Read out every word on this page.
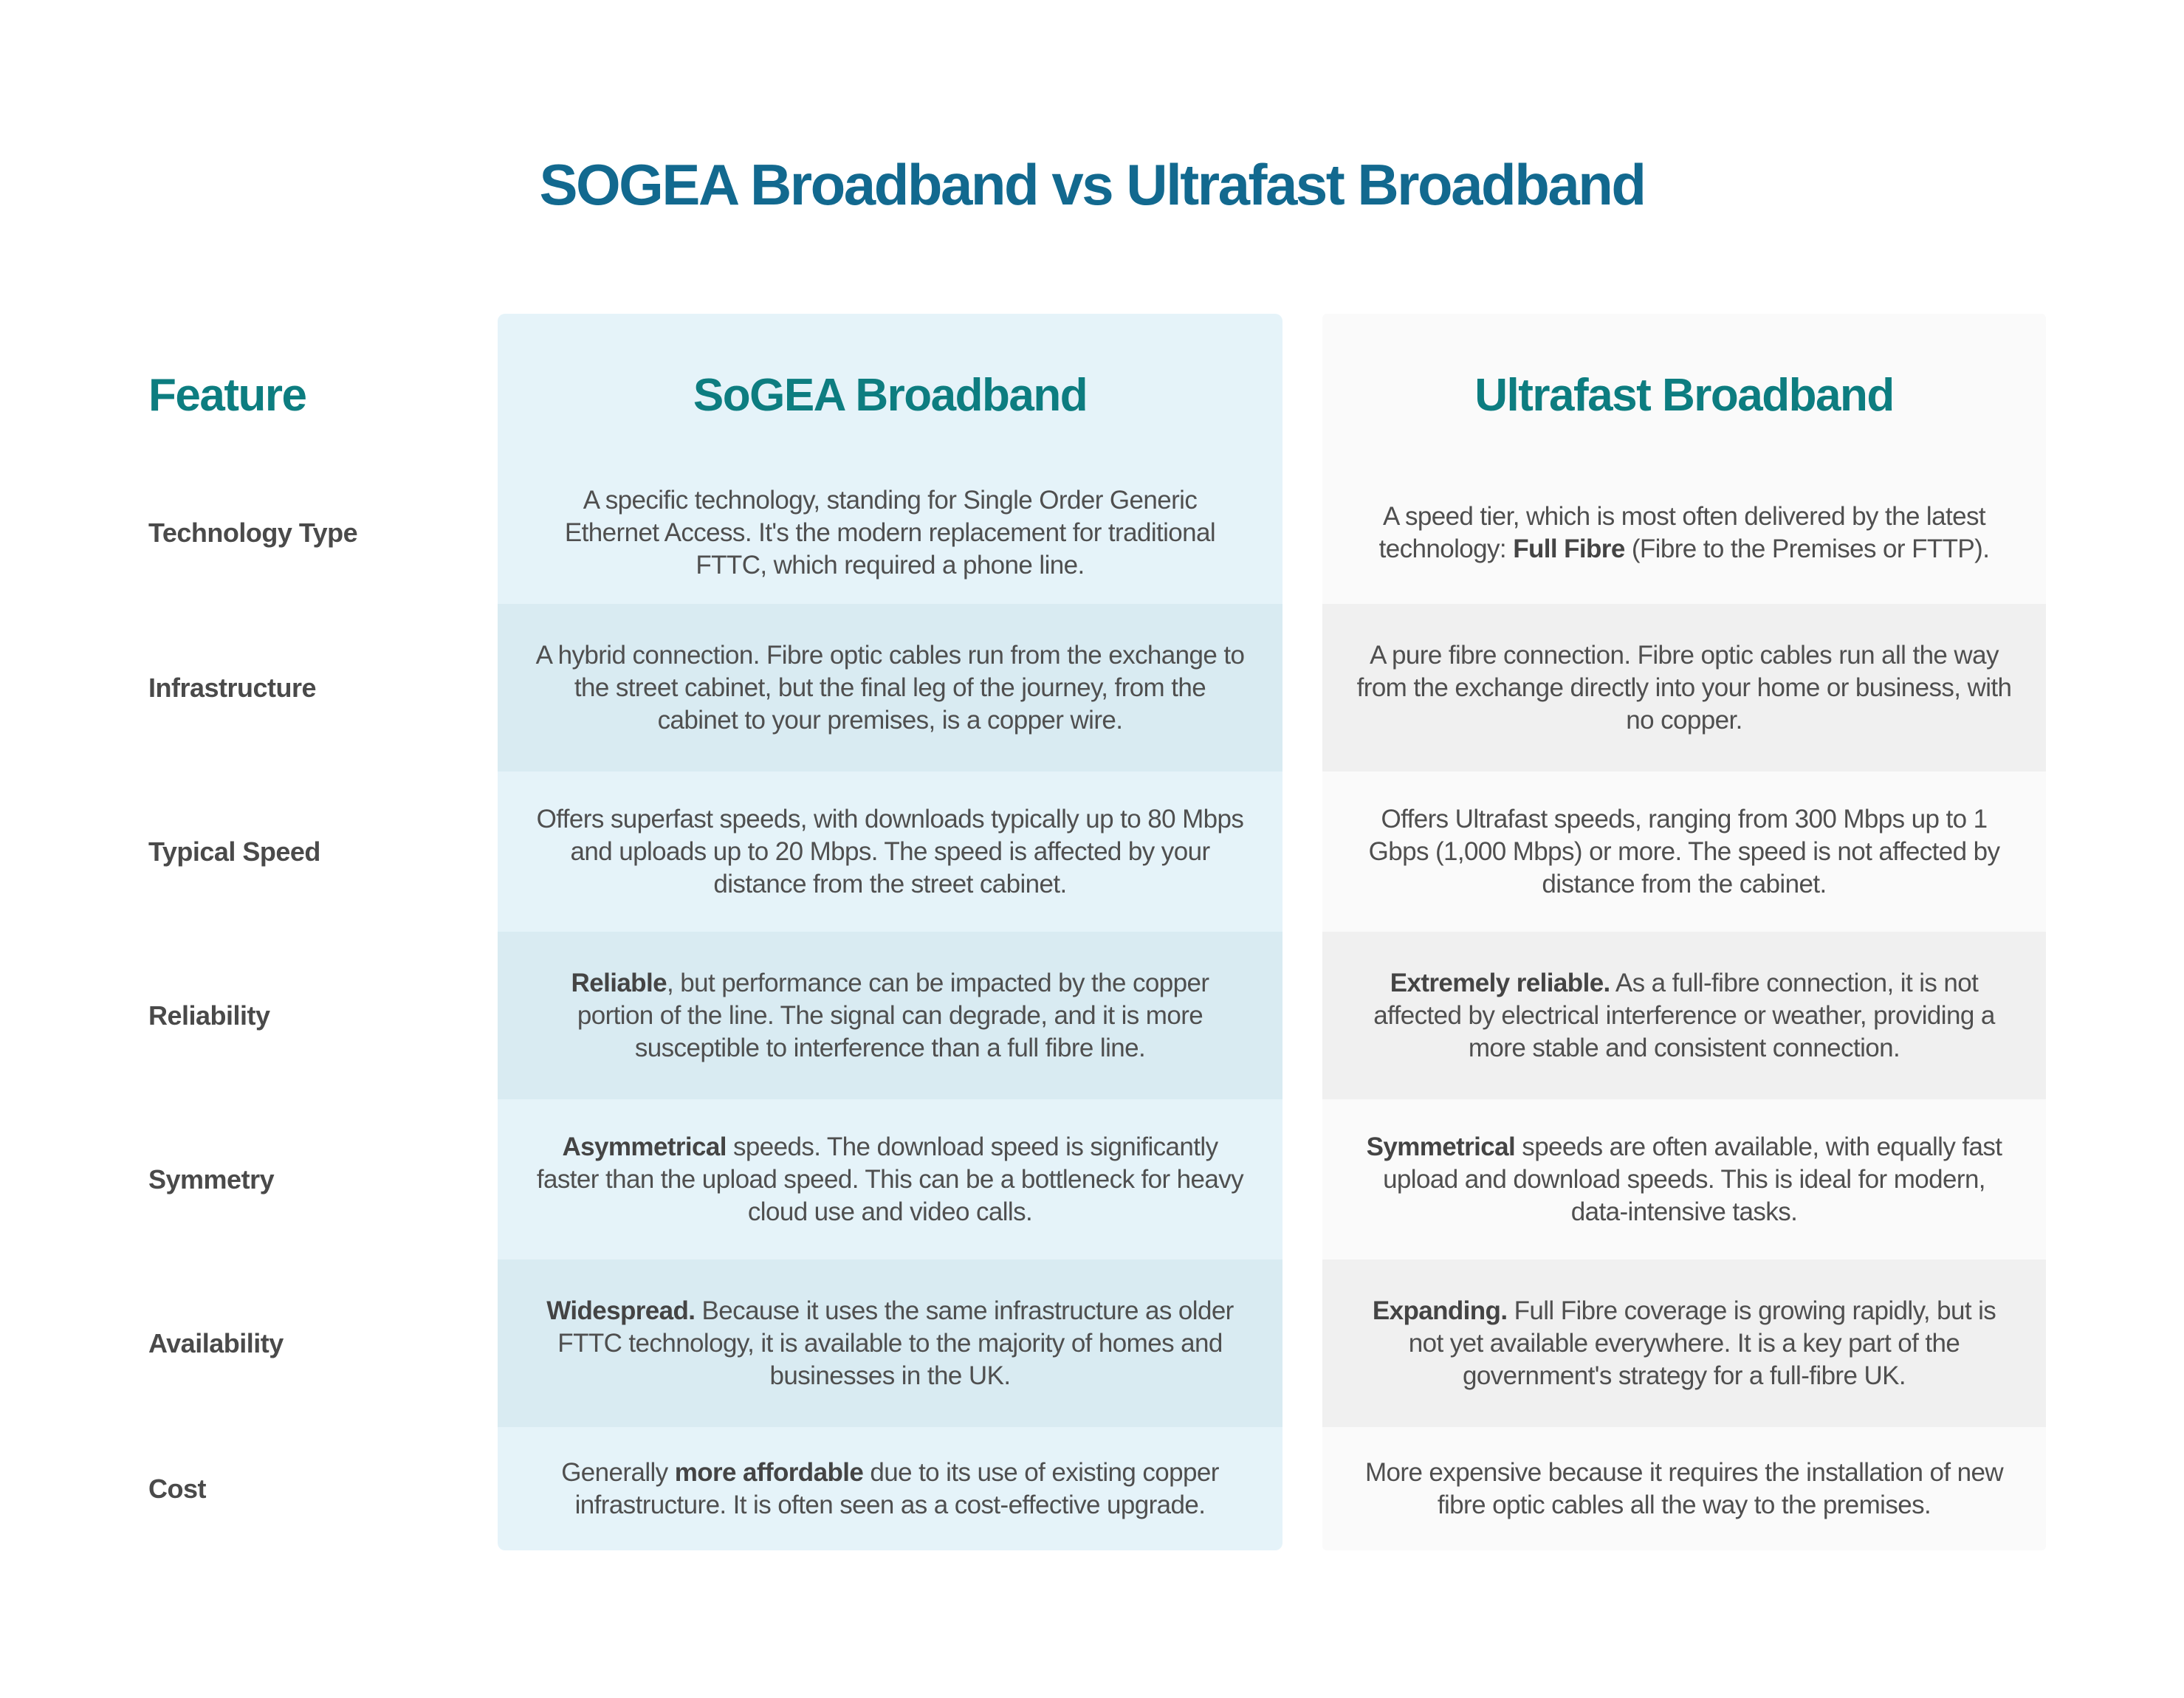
SOGEA Broadband vs Ultrafast Broadband
Feature	SoGEA Broadband	Ultrafast Broadband
Technology Type

A specific technology, standing for Single Order Generic Ethernet Access. It's the modern replacement for traditional FTTC, which required a phone line.

A speed tier, which is most often delivered by the latest technology: Full Fibre (Fibre to the Premises or FTTP).

Infrastructure

A hybrid connection. Fibre optic cables run from the exchange to the street cabinet, but the final leg of the journey, from the cabinet to your premises, is a copper wire.

A pure fibre connection. Fibre optic cables run all the way from the exchange directly into your home or business, with no copper.

Typical Speed

Offers superfast speeds, with downloads typically up to 80 Mbps and uploads up to 20 Mbps. The speed is affected by your distance from the street cabinet.

Offers Ultrafast speeds, ranging from 300 Mbps up to 1 Gbps (1,000 Mbps) or more. The speed is not affected by distance from the cabinet.

Reliability

Reliable, but performance can be impacted by the copper portion of the line. The signal can degrade, and it is more susceptible to interference than a full fibre line.

Extremely reliable. As a full-fibre connection, it is not affected by electrical interference or weather, providing a more stable and consistent connection.

Symmetry

Asymmetrical speeds. The download speed is significantly faster than the upload speed. This can be a bottleneck for heavy cloud use and video calls.

Symmetrical speeds are often available, with equally fast upload and download speeds. This is ideal for modern, data-intensive tasks.

Availability

Widespread. Because it uses the same infrastructure as older FTTC technology, it is available to the majority of homes and businesses in the UK.

Expanding. Full Fibre coverage is growing rapidly, but is not yet available everywhere. It is a key part of the government's strategy for a full-fibre UK.

Cost

Generally more affordable due to its use of existing copper infrastructure. It is often seen as a cost-effective upgrade.

More expensive because it requires the installation of new fibre optic cables all the way to the premises.
